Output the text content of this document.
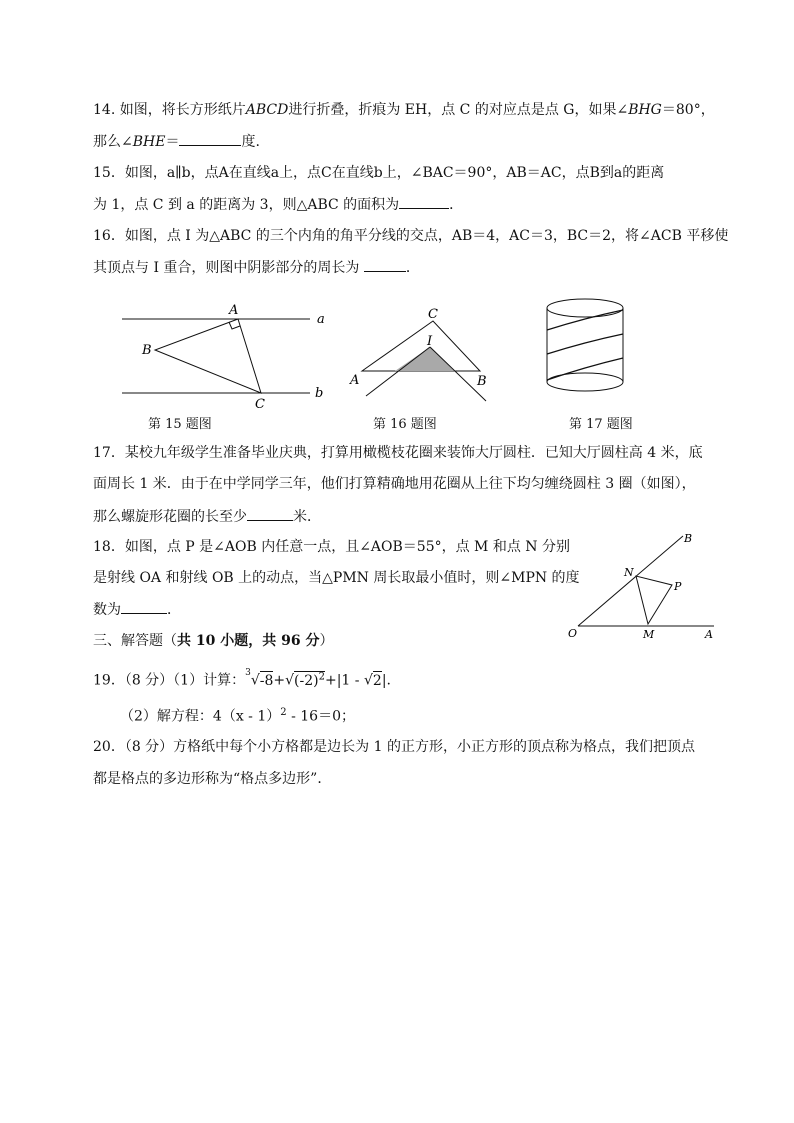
14. 如图，将长方形纸片ABCD进行折叠，折痕为 EH，点 C 的对应点是点 G，如果∠BHG＝80°，
那么∠BHE＝	度.
15．如图，a∥b，点A在直线a上，点C在直线b上，∠BAC＝90°，AB＝AC，点B到a的距离
为 1，点 C 到 a 的距离为 3，则△ABC 的面积为	．
16．如图，点 I 为△ABC 的三个内角的角平分线的交点，AB＝4，AC＝3，BC＝2，将∠ACB 平移使
其顶点与 I 重合，则图中阴影部分的周长为	．
A
B
C
a
b
第 15 题图
C
I
A	B
第 16 题图	第 17 题图
17．某校九年级学生准备毕业庆典，打算用橄榄枝花圈来装饰大厅圆柱．已知大厅圆柱高 4 米，底
面周长 1 米．由于在中学同学三年，他们打算精确地用花圈从上往下均匀缠绕圆柱 3 圈（如图），
那么螺旋形花圈的长至少	米．
18．如图，点 P 是∠AOB 内任意一点，且∠AOB＝55°，点 M 和点 N 分别
是射线 OA 和射线 OB 上的动点，当△PMN 周长取最小值时，则∠MPN 的度
数为	．
B
N
P
O	M	A
三、解答题（共 10 小题，共 96 分）
19．（8 分）（1）计算：$^3√-8+√(-2)^2+|1 - √2|$.
（2）解方程：4（x - 1）$^2$ - 16＝0；
20．（8 分）方格纸中每个小方格都是边长为 1 的正方形，小正方形的顶点称为格点，我们把顶点
都是格点的多边形称为“格点多边形”．
